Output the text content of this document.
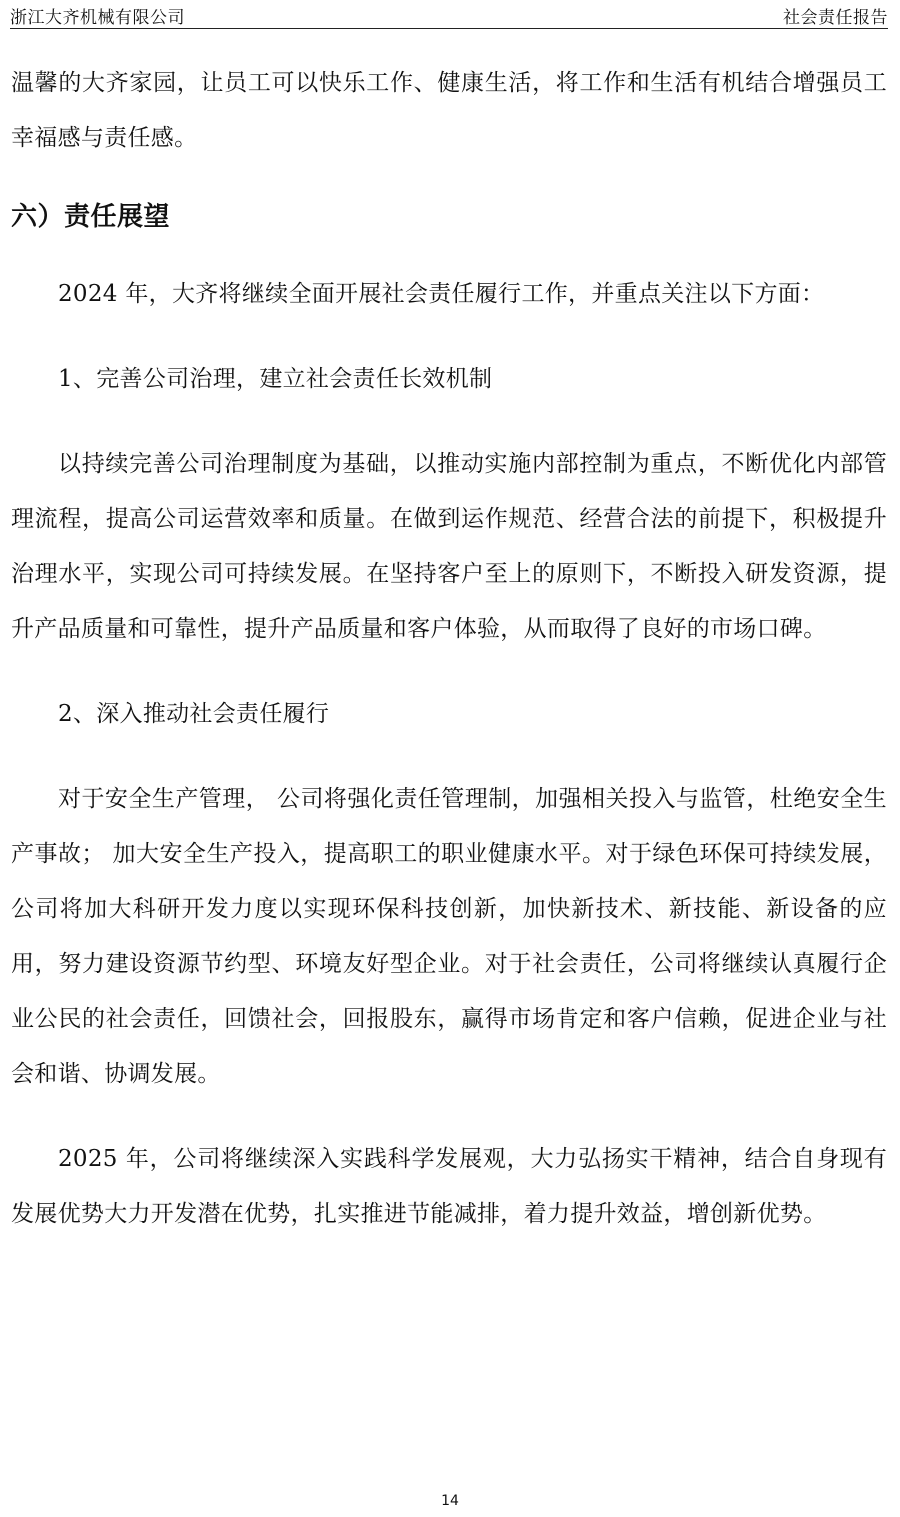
浙江大齐机械有限公司	社会责任报告

温馨的大齐家园，让员工可以快乐工作、健康生活，将工作和生活有机结合增强员工幸福感与责任感。

六）责任展望

2024 年，大齐将继续全面开展社会责任履行工作，并重点关注以下方面：

1、完善公司治理，建立社会责任长效机制

以持续完善公司治理制度为基础，以推动实施内部控制为重点，不断优化内部管理流程，提高公司运营效率和质量。在做到运作规范、经营合法的前提下，积极提升治理水平，实现公司可持续发展。在坚持客户至上的原则下，不断投入研发资源，提升产品质量和可靠性，提升产品质量和客户体验，从而取得了良好的市场口碑。

2、深入推动社会责任履行

对于安全生产管理， 公司将强化责任管理制，加强相关投入与监管，杜绝安全生产事故； 加大安全生产投入，提高职工的职业健康水平。对于绿色环保可持续发展，公司将加大科研开发力度以实现环保科技创新，加快新技术、新技能、新设备的应用，努力建设资源节约型、环境友好型企业。对于社会责任，公司将继续认真履行企业公民的社会责任，回馈社会，回报股东，赢得市场肯定和客户信赖，促进企业与社会和谐、协调发展。

2025 年，公司将继续深入实践科学发展观，大力弘扬实干精神，结合自身现有发展优势大力开发潜在优势，扎实推进节能减排，着力提升效益，增创新优势。

14
